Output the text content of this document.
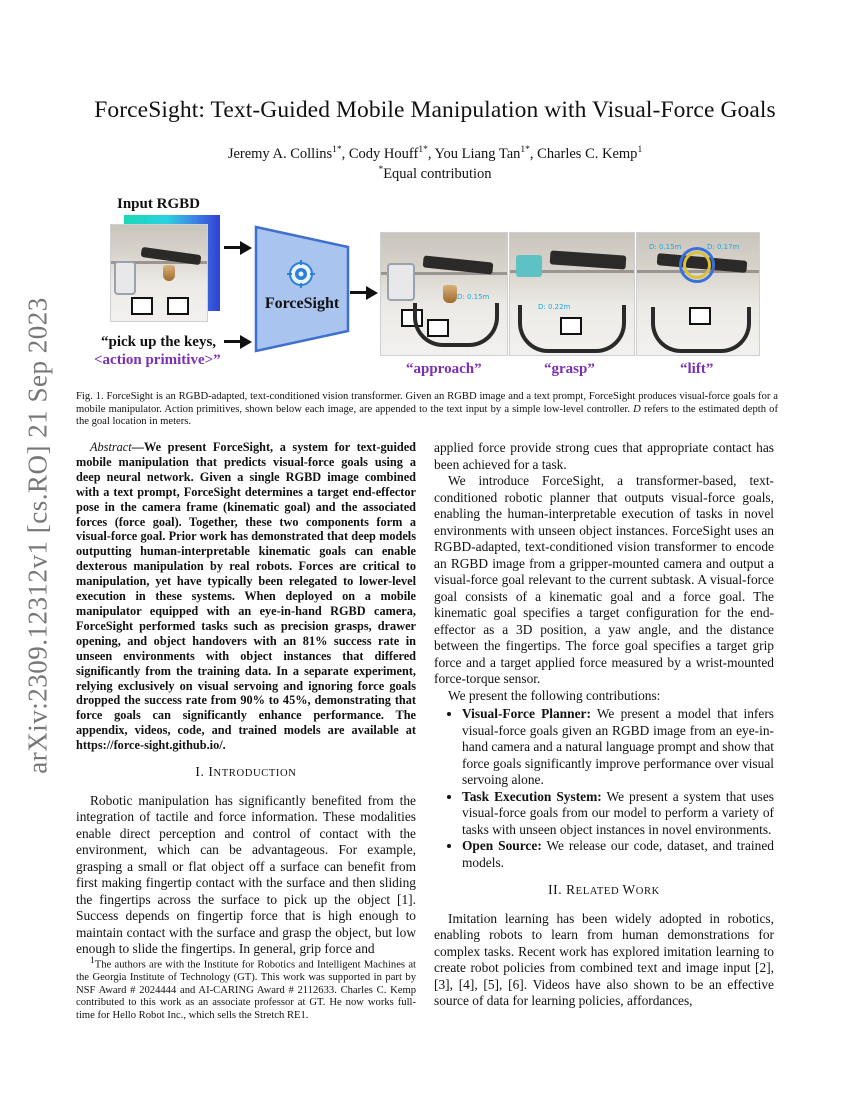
arXiv:2309.12312v1 [cs.RO] 21 Sep 2023
ForceSight: Text-Guided Mobile Manipulation with Visual-Force Goals
Jeremy A. Collins$^{1*}$, Cody Houff$^{1*}$, You Liang Tan$^{1*}$, Charles C. Kemp$^1$
*Equal contribution
Input RGBD
ForceSight
“pick up the keys,
<action primitive>”
D: 0.15m
D: 0.22m
D: 0.15m	D: 0.17m
“approach”	“grasp”	“lift”
Fig. 1. ForceSight is an RGBD-adapted, text-conditioned vision transformer. Given an RGBD image and a text prompt, ForceSight produces visual-force goals for a mobile manipulator. Action primitives, shown below each image, are appended to the text input by a simple low-level controller. D refers to the estimated depth of the goal location in meters.

Abstract—We present ForceSight, a system for text-guided mobile manipulation that predicts visual-force goals using a deep neural network. Given a single RGBD image combined with a text prompt, ForceSight determines a target end-effector pose in the camera frame (kinematic goal) and the associated forces (force goal). Together, these two components form a visual-force goal. Prior work has demonstrated that deep models outputting human-interpretable kinematic goals can enable dexterous manipulation by real robots. Forces are critical to manipulation, yet have typically been relegated to lower-level execution in these systems. When deployed on a mobile manipulator equipped with an eye-in-hand RGBD camera, ForceSight performed tasks such as precision grasps, drawer opening, and object handovers with an 81% success rate in unseen environments with object instances that differed significantly from the training data. In a separate experiment, relying exclusively on visual servoing and ignoring force goals dropped the success rate from 90% to 45%, demonstrating that force goals can significantly enhance performance. The appendix, videos, code, and trained models are available at https://force-sight.github.io/.

I. INTRODUCTION

Robotic manipulation has significantly benefited from the integration of tactile and force information. These modalities enable direct perception and control of contact with the environment, which can be advantageous. For example, grasping a small or flat object off a surface can benefit from first making fingertip contact with the surface and then sliding the fingertips across the surface to pick up the object [1]. Success depends on fingertip force that is high enough to maintain contact with the surface and grasp the object, but low enough to slide the fingertips. In general, grip force and

$^1$The authors are with the Institute for Robotics and Intelligent Machines at the Georgia Institute of Technology (GT). This work was supported in part by NSF Award # 2024444 and AI-CARING Award # 2112633. Charles C. Kemp contributed to this work as an associate professor at GT. He now works full-time for Hello Robot Inc., which sells the Stretch RE1.

applied force provide strong cues that appropriate contact has been achieved for a task.

We introduce ForceSight, a transformer-based, text-conditioned robotic planner that outputs visual-force goals, enabling the human-interpretable execution of tasks in novel environments with unseen object instances. ForceSight uses an RGBD-adapted, text-conditioned vision transformer to encode an RGBD image from a gripper-mounted camera and output a visual-force goal relevant to the current subtask. A visual-force goal consists of a kinematic goal and a force goal. The kinematic goal specifies a target configuration for the end-effector as a 3D position, a yaw angle, and the distance between the fingertips. The force goal specifies a target grip force and a target applied force measured by a wrist-mounted force-torque sensor.

We present the following contributions:

• Visual-Force Planner: We present a model that infers visual-force goals given an RGBD image from an eye-in-hand camera and a natural language prompt and show that force goals significantly improve performance over visual servoing alone.
• Task Execution System: We present a system that uses visual-force goals from our model to perform a variety of tasks with unseen object instances in novel environments.
• Open Source: We release our code, dataset, and trained models.
II. RELATED WORK

Imitation learning has been widely adopted in robotics, enabling robots to learn from human demonstrations for complex tasks. Recent work has explored imitation learning to create robot policies from combined text and image input [2], [3], [4], [5], [6]. Videos have also shown to be an effective source of data for learning policies, affordances,
